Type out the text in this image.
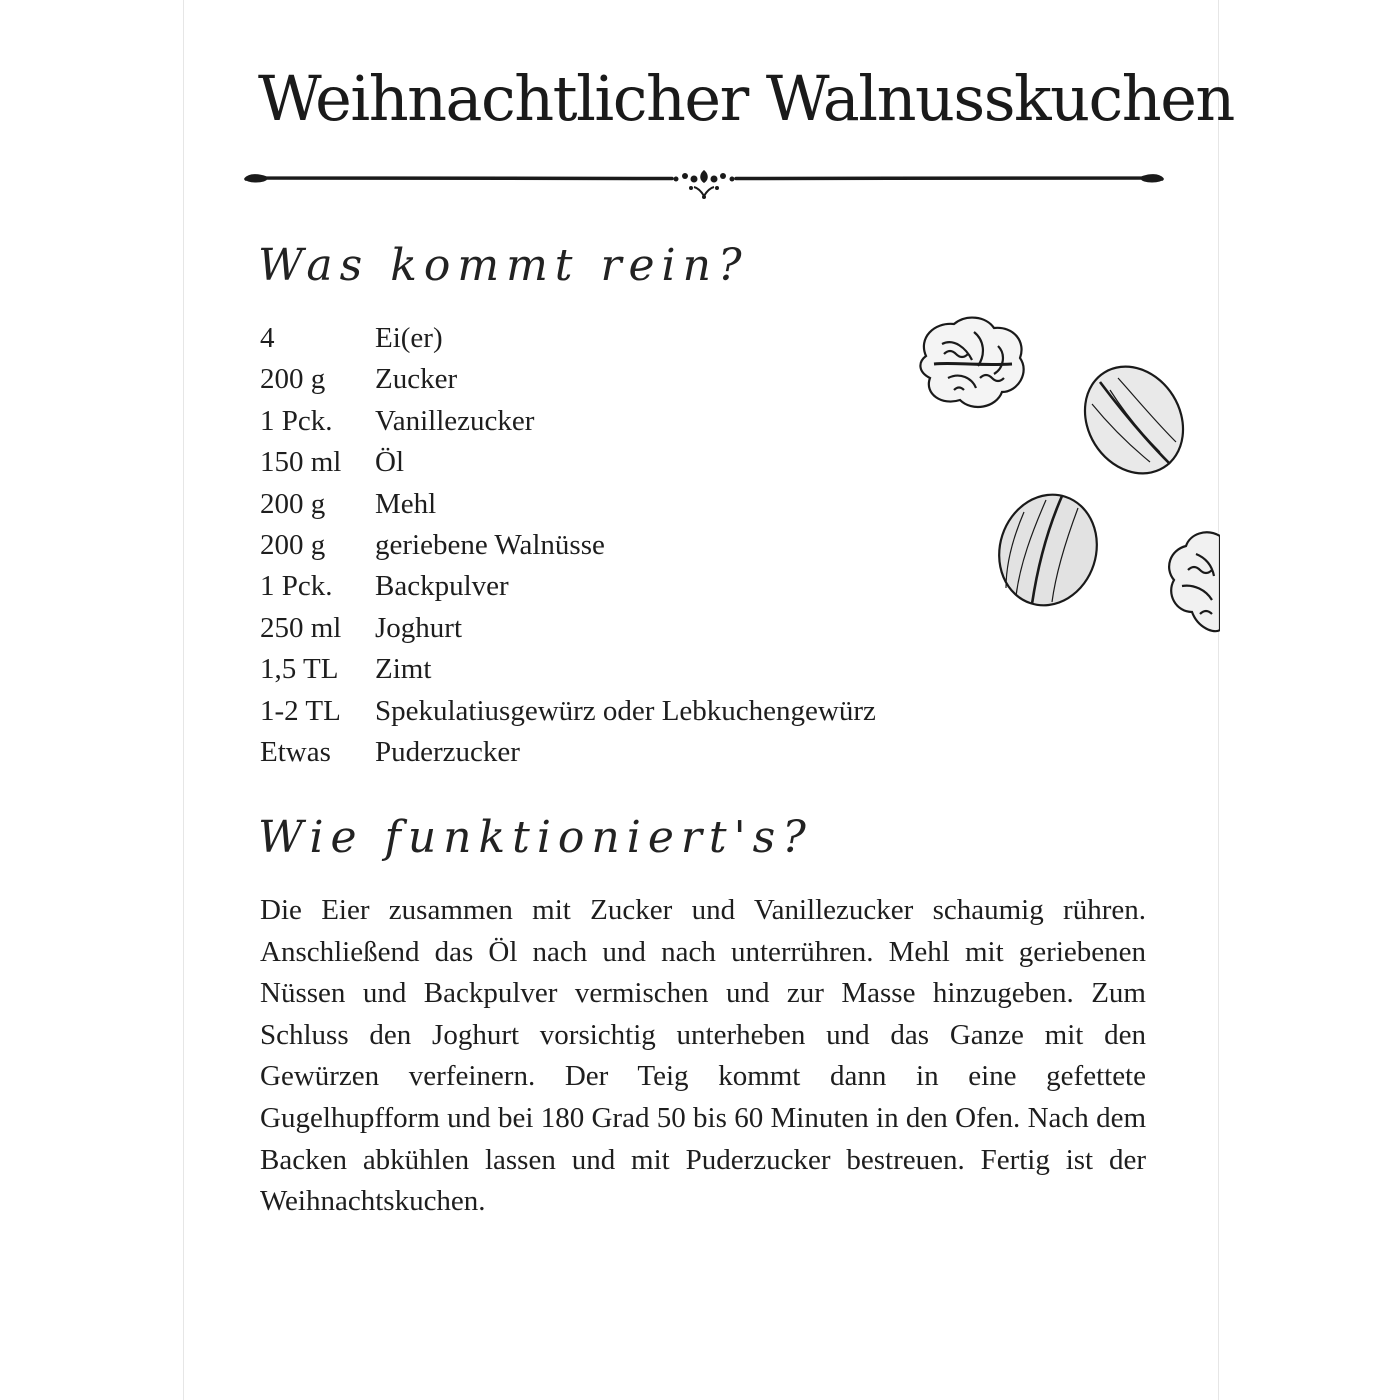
Weihnachtlicher Walnusskuchen
Was kommt rein?
4	Ei(er)
200 g	Zucker
1 Pck.	Vanillezucker
150 ml	Öl
200 g	Mehl
200 g	geriebene Walnüsse
1 Pck.	Backpulver
250 ml	Joghurt
1,5 TL	Zimt
1-2 TL	Spekulatiusgewürz oder Lebkuchengewürz
Etwas	Puderzucker
Wie funktioniert's?

Die Eier zusammen mit Zucker und Vanillezucker schaumig rühren. Anschließend das Öl nach und nach unterrühren. Mehl mit geriebenen Nüssen und Backpulver vermischen und zur Masse hinzugeben. Zum Schluss den Joghurt vorsichtig unterheben und das Ganze mit den Gewürzen verfeinern. Der Teig kommt dann in eine gefettete Gugelhupfform und bei 180 Grad 50 bis 60 Minuten in den Ofen. Nach dem Backen abkühlen lassen und mit Puderzucker bestreuen. Fertig ist der Weihnachtskuchen.
